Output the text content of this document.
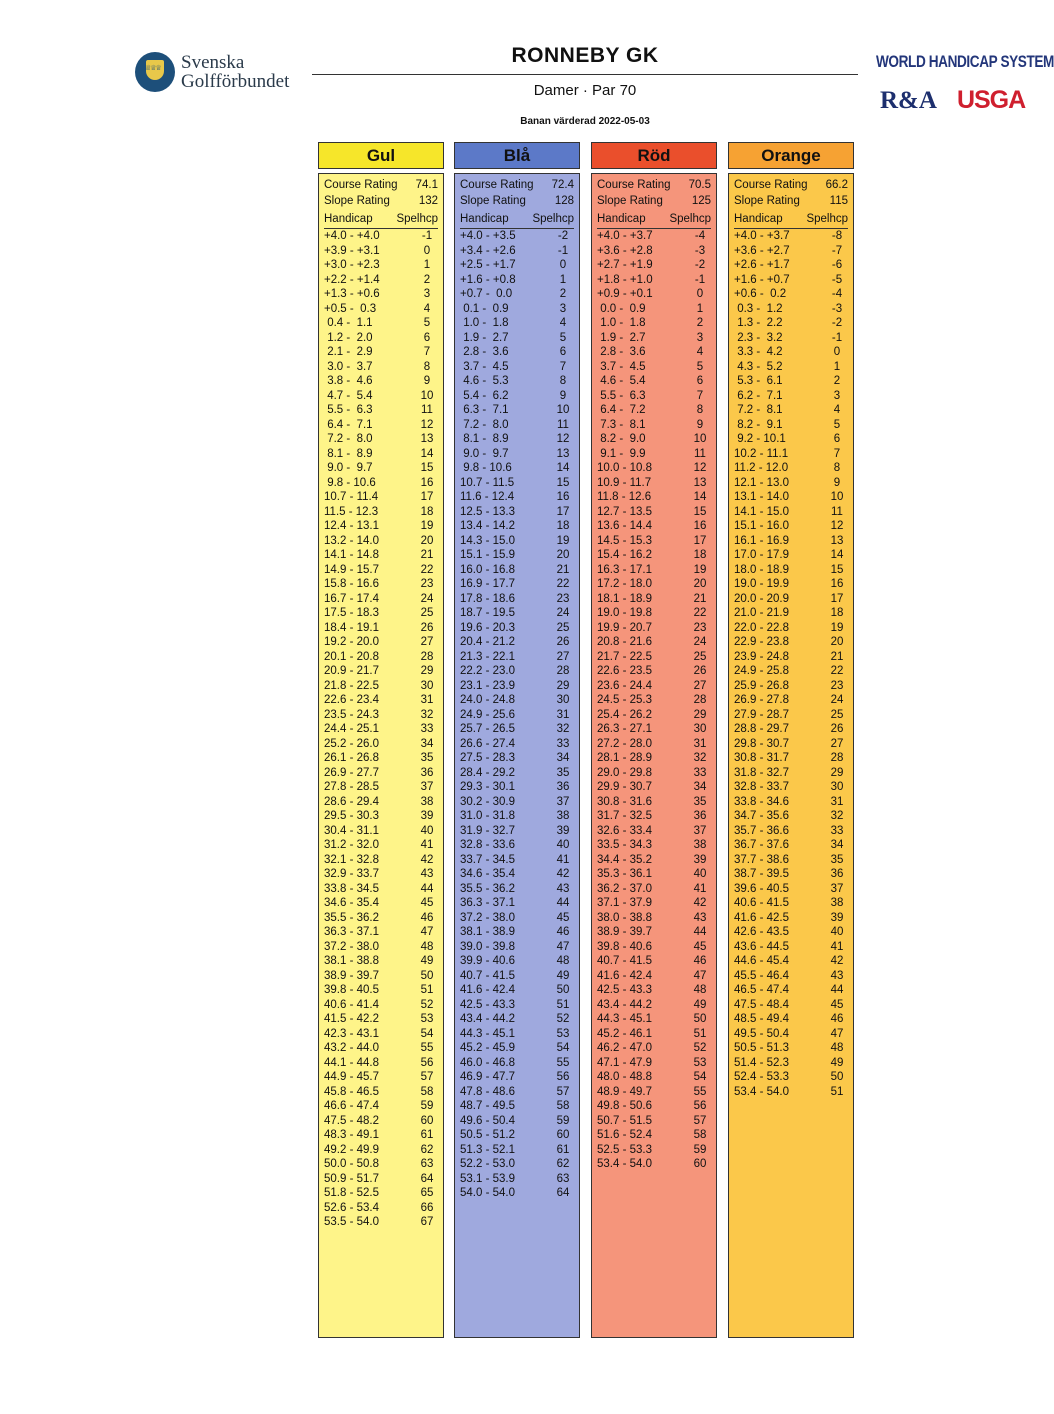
♕♕♕
Svenska
Golfförbundet
RONNEBY GK
Damer · Par 70
Banan värderad 2022-05-03
WORLD HANDICAP SYSTEM
R&A USGA
Gul
Course Rating 74.1
Slope Rating	132
Handicap Spelhcp
+4.0 - +4.0	-1
+3.9 - +3.1	0
+3.0 - +2.3	1
+2.2 - +1.4	2
+1.3 - +0.6	3
+0.5 -  0.3	4
0.4 -  1.1	5
1.2 -  2.0	6
2.1 -  2.9	7
3.0 -  3.7	8
3.8 -  4.6	9
4.7 -  5.4	10
5.5 -  6.3	11
6.4 -  7.1	12
7.2 -  8.0	13
8.1 -  8.9	14
9.0 -  9.7	15
9.8 - 10.6	16
10.7 - 11.4	17
11.5 - 12.3	18
12.4 - 13.1	19
13.2 - 14.0	20
14.1 - 14.8	21
14.9 - 15.7	22
15.8 - 16.6	23
16.7 - 17.4	24
17.5 - 18.3	25
18.4 - 19.1	26
19.2 - 20.0	27
20.1 - 20.8	28
20.9 - 21.7	29
21.8 - 22.5	30
22.6 - 23.4	31
23.5 - 24.3	32
24.4 - 25.1	33
25.2 - 26.0	34
26.1 - 26.8	35
26.9 - 27.7	36
27.8 - 28.5	37
28.6 - 29.4	38
29.5 - 30.3	39
30.4 - 31.1	40
31.2 - 32.0	41
32.1 - 32.8	42
32.9 - 33.7	43
33.8 - 34.5	44
34.6 - 35.4	45
35.5 - 36.2	46
36.3 - 37.1	47
37.2 - 38.0	48
38.1 - 38.8	49
38.9 - 39.7	50
39.8 - 40.5	51
40.6 - 41.4	52
41.5 - 42.2	53
42.3 - 43.1	54
43.2 - 44.0	55
44.1 - 44.8	56
44.9 - 45.7	57
45.8 - 46.5	58
46.6 - 47.4	59
47.5 - 48.2	60
48.3 - 49.1	61
49.2 - 49.9	62
50.0 - 50.8	63
50.9 - 51.7	64
51.8 - 52.5	65
52.6 - 53.4	66
53.5 - 54.0	67
Blå
Course Rating 72.4
Slope Rating	128
Handicap Spelhcp
+4.0 - +3.5	-2
+3.4 - +2.6	-1
+2.5 - +1.7	0
+1.6 - +0.8	1
+0.7 -  0.0	2
0.1 -  0.9	3
1.0 -  1.8	4
1.9 -  2.7	5
2.8 -  3.6	6
3.7 -  4.5	7
4.6 -  5.3	8
5.4 -  6.2	9
6.3 -  7.1	10
7.2 -  8.0	11
8.1 -  8.9	12
9.0 -  9.7	13
9.8 - 10.6	14
10.7 - 11.5	15
11.6 - 12.4	16
12.5 - 13.3	17
13.4 - 14.2	18
14.3 - 15.0	19
15.1 - 15.9	20
16.0 - 16.8	21
16.9 - 17.7	22
17.8 - 18.6	23
18.7 - 19.5	24
19.6 - 20.3	25
20.4 - 21.2	26
21.3 - 22.1	27
22.2 - 23.0	28
23.1 - 23.9	29
24.0 - 24.8	30
24.9 - 25.6	31
25.7 - 26.5	32
26.6 - 27.4	33
27.5 - 28.3	34
28.4 - 29.2	35
29.3 - 30.1	36
30.2 - 30.9	37
31.0 - 31.8	38
31.9 - 32.7	39
32.8 - 33.6	40
33.7 - 34.5	41
34.6 - 35.4	42
35.5 - 36.2	43
36.3 - 37.1	44
37.2 - 38.0	45
38.1 - 38.9	46
39.0 - 39.8	47
39.9 - 40.6	48
40.7 - 41.5	49
41.6 - 42.4	50
42.5 - 43.3	51
43.4 - 44.2	52
44.3 - 45.1	53
45.2 - 45.9	54
46.0 - 46.8	55
46.9 - 47.7	56
47.8 - 48.6	57
48.7 - 49.5	58
49.6 - 50.4	59
50.5 - 51.2	60
51.3 - 52.1	61
52.2 - 53.0	62
53.1 - 53.9	63
54.0 - 54.0	64
Röd
Course Rating 70.5
Slope Rating	125
Handicap Spelhcp
+4.0 - +3.7	-4
+3.6 - +2.8	-3
+2.7 - +1.9	-2
+1.8 - +1.0	-1
+0.9 - +0.1	0
0.0 -  0.9	1
1.0 -  1.8	2
1.9 -  2.7	3
2.8 -  3.6	4
3.7 -  4.5	5
4.6 -  5.4	6
5.5 -  6.3	7
6.4 -  7.2	8
7.3 -  8.1	9
8.2 -  9.0	10
9.1 -  9.9	11
10.0 - 10.8	12
10.9 - 11.7	13
11.8 - 12.6	14
12.7 - 13.5	15
13.6 - 14.4	16
14.5 - 15.3	17
15.4 - 16.2	18
16.3 - 17.1	19
17.2 - 18.0	20
18.1 - 18.9	21
19.0 - 19.8	22
19.9 - 20.7	23
20.8 - 21.6	24
21.7 - 22.5	25
22.6 - 23.5	26
23.6 - 24.4	27
24.5 - 25.3	28
25.4 - 26.2	29
26.3 - 27.1	30
27.2 - 28.0	31
28.1 - 28.9	32
29.0 - 29.8	33
29.9 - 30.7	34
30.8 - 31.6	35
31.7 - 32.5	36
32.6 - 33.4	37
33.5 - 34.3	38
34.4 - 35.2	39
35.3 - 36.1	40
36.2 - 37.0	41
37.1 - 37.9	42
38.0 - 38.8	43
38.9 - 39.7	44
39.8 - 40.6	45
40.7 - 41.5	46
41.6 - 42.4	47
42.5 - 43.3	48
43.4 - 44.2	49
44.3 - 45.1	50
45.2 - 46.1	51
46.2 - 47.0	52
47.1 - 47.9	53
48.0 - 48.8	54
48.9 - 49.7	55
49.8 - 50.6	56
50.7 - 51.5	57
51.6 - 52.4	58
52.5 - 53.3	59
53.4 - 54.0	60
Orange
Course Rating 66.2
Slope Rating	115
Handicap Spelhcp
+4.0 - +3.7	-8
+3.6 - +2.7	-7
+2.6 - +1.7	-6
+1.6 - +0.7	-5
+0.6 -  0.2	-4
0.3 -  1.2	-3
1.3 -  2.2	-2
2.3 -  3.2	-1
3.3 -  4.2	0
4.3 -  5.2	1
5.3 -  6.1	2
6.2 -  7.1	3
7.2 -  8.1	4
8.2 -  9.1	5
9.2 - 10.1	6
10.2 - 11.1	7
11.2 - 12.0	8
12.1 - 13.0	9
13.1 - 14.0	10
14.1 - 15.0	11
15.1 - 16.0	12
16.1 - 16.9	13
17.0 - 17.9	14
18.0 - 18.9	15
19.0 - 19.9	16
20.0 - 20.9	17
21.0 - 21.9	18
22.0 - 22.8	19
22.9 - 23.8	20
23.9 - 24.8	21
24.9 - 25.8	22
25.9 - 26.8	23
26.9 - 27.8	24
27.9 - 28.7	25
28.8 - 29.7	26
29.8 - 30.7	27
30.8 - 31.7	28
31.8 - 32.7	29
32.8 - 33.7	30
33.8 - 34.6	31
34.7 - 35.6	32
35.7 - 36.6	33
36.7 - 37.6	34
37.7 - 38.6	35
38.7 - 39.5	36
39.6 - 40.5	37
40.6 - 41.5	38
41.6 - 42.5	39
42.6 - 43.5	40
43.6 - 44.5	41
44.6 - 45.4	42
45.5 - 46.4	43
46.5 - 47.4	44
47.5 - 48.4	45
48.5 - 49.4	46
49.5 - 50.4	47
50.5 - 51.3	48
51.4 - 52.3	49
52.4 - 53.3	50
53.4 - 54.0	51
